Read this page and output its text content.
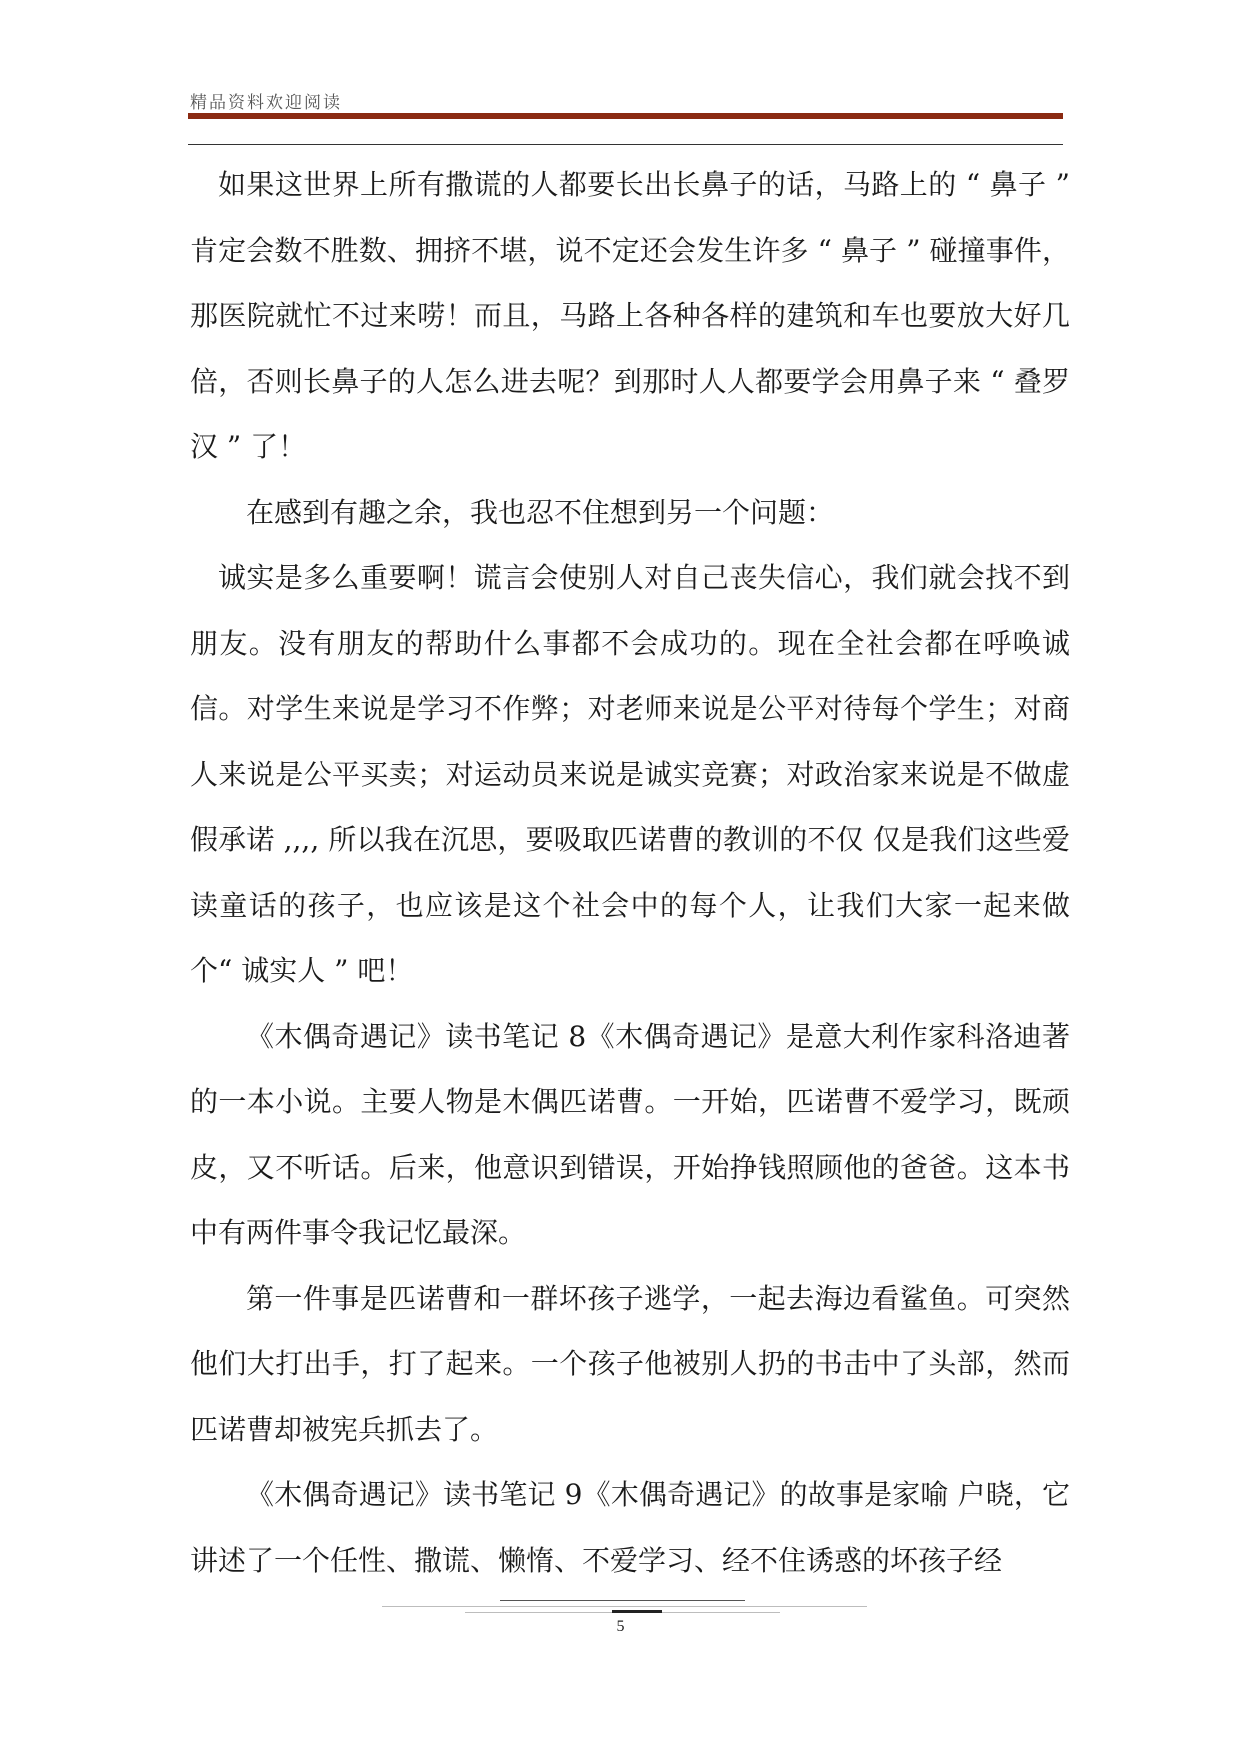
精品资料欢迎阅读

如果这世界上所有撒谎的人都要长出长鼻子的话，马路上的 “ 鼻子 ” 肯定会数不胜数、拥挤不堪，说不定还会发生许多 “ 鼻子 ” 碰撞事件，那医院就忙不过来唠！而且，马路上各种各样的建筑和车也要放大好几倍，否则长鼻子的人怎么进去呢？到那时人人都要学会用鼻子来 “ 叠罗汉 ” 了！

在感到有趣之余，我也忍不住想到另一个问题：

诚实是多么重要啊！谎言会使别人对自己丧失信心，我们就会找不到朋友。没有朋友的帮助什么事都不会成功的。现在全社会都在呼唤诚信。对学生来说是学习不作弊；对老师来说是公平对待每个学生；对商人来说是公平买卖；对运动员来说是诚实竞赛；对政治家来说是不做虚假承诺 ,,,, 所以我在沉思，要吸取匹诺曹的教训的不仅 仅是我们这些爱读童话的孩子，也应该是这个社会中的每个人，让我们大家一起来做个“ 诚实人 ” 吧！

《木偶奇遇记》读书笔记 8《木偶奇遇记》是意大利作家科洛迪著的一本小说。主要人物是木偶匹诺曹。一开始，匹诺曹不爱学习，既顽皮，又不听话。后来，他意识到错误，开始挣钱照顾他的爸爸。这本书中有两件事令我记忆最深。

第一件事是匹诺曹和一群坏孩子逃学，一起去海边看鲨鱼。可突然他们大打出手，打了起来。一个孩子他被别人扔的书击中了头部，然而匹诺曹却被宪兵抓去了。

《木偶奇遇记》读书笔记 9《木偶奇遇记》的故事是家喻 户晓，它讲述了一个任性、撒谎、懒惰、不爱学习、经不住诱惑的坏孩子经

5
